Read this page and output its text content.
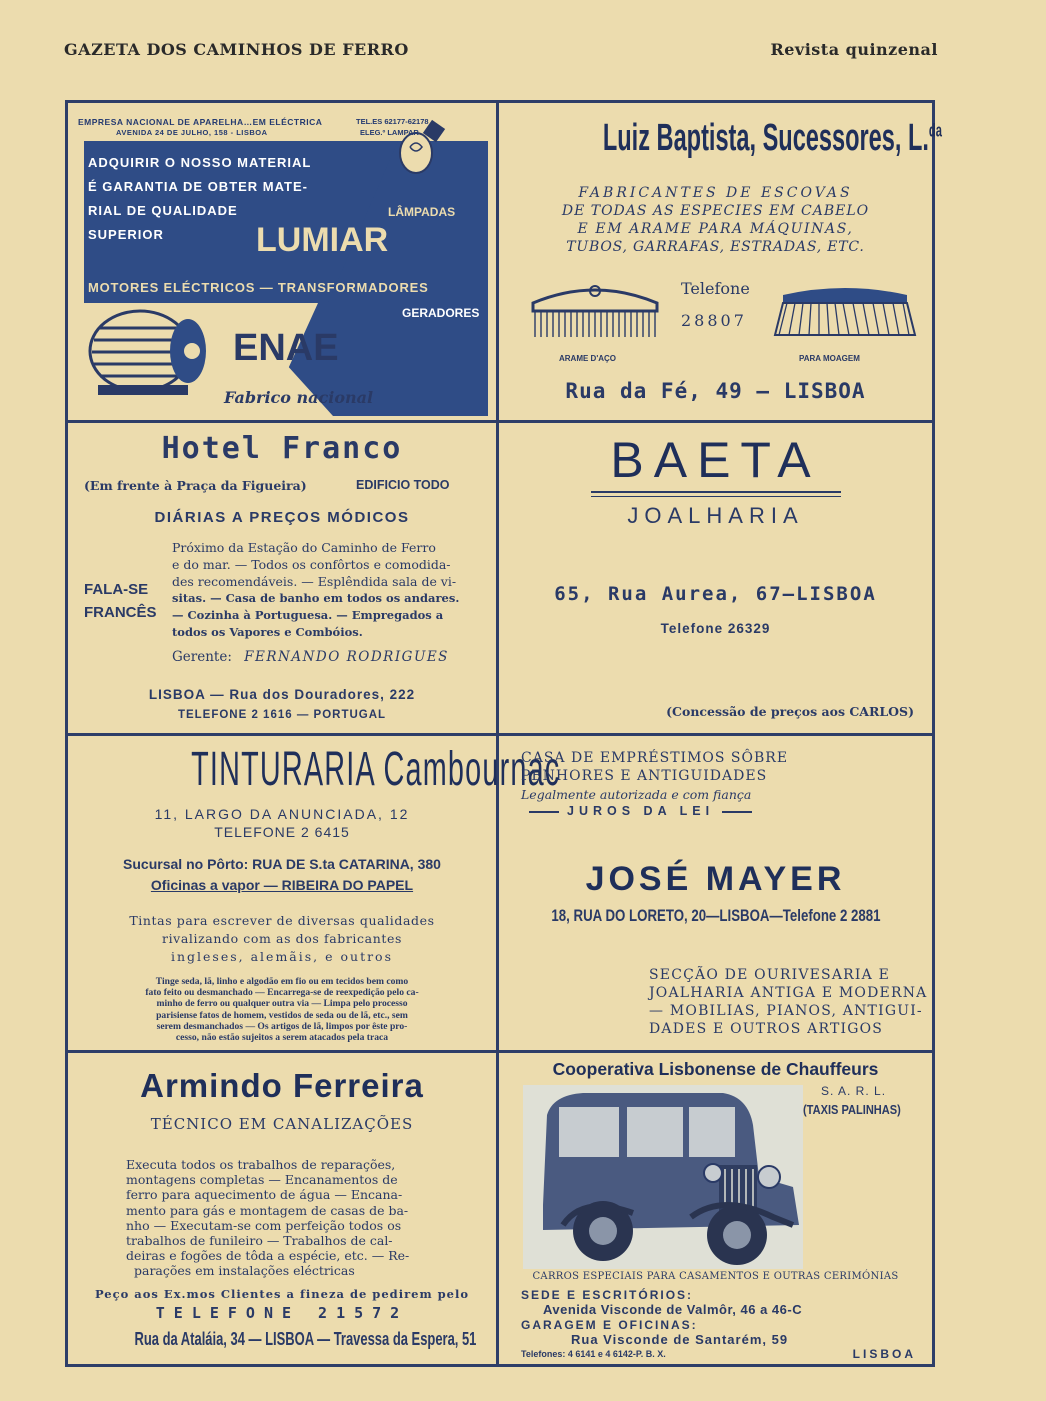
GAZETA DOS CAMINHOS DE FERRO	Revista quinzenal
EMPRESA NACIONAL DE APARELHA…EM ELÉCTRICA
AVENIDA 24 DE JULHO, 158 - LISBOA
TEL.ES 62177-62178
ELEG.º LAMPAR
ADQUIRIR O NOSSO MATERIAL
É GARANTIA DE OBTER MATE-
RIAL DE QUALIDADE
SUPERIOR
LÂMPADAS
LUMIAR
MOTORES ELÉCTRICOS — TRANSFORMADORES
GERADORES
ENAE
Fabrico nacional
Luiz Baptista, Sucessores, L.$^{da}$
FABRICANTES DE ESCOVAS
DE TODAS AS ESPECIES EM CABELO
E EM ARAME PARA MÁQUINAS,
TUBOS, GARRAFAS, ESTRADAS, ETC.
Telefone
28807
ARAME D'AÇO	PARA MOAGEM
Rua da Fé, 49 — LISBOA
Hotel Franco
(Em frente à Praça da Figueira)	EDIFICIO TODO
DIÁRIAS A PREÇOS MÓDICOS
FALA-SE
FRANCÊS
Próximo da Estação do Caminho de Ferro
e do mar. — Todos os confôrtos e comodida-
des recomendáveis. — Esplêndida sala de vi-
sitas. — Casa de banho em todos os andares.
— Cozinha à Portuguesa. — Empregados a
todos os Vapores e Combóios.
Gerente: FERNANDO RODRIGUES
LISBOA — Rua dos Douradores, 222
TELEFONE 2 1616 — PORTUGAL
BAETA
JOALHARIA
65, Rua Aurea, 67—LISBOA
Telefone 26329
(Concessão de preços aos CARLOS)
TINTURARIA Cambournac
11, LARGO DA ANUNCIADA, 12
TELEFONE 2 6415
Sucursal no Pôrto: RUA DE S.ta CATARINA, 380
Oficinas a vapor — RIBEIRA DO PAPEL
Tintas para escrever de diversas qualidades
rivalizando com as dos fabricantes
ingleses, alemãis, e outros
Tinge seda, lã, linho e algodão em fio ou em tecidos bem como
fato feito ou desmanchado — Encarrega-se de reexpedição pelo ca-
minho de ferro ou qualquer outra via — Limpa pelo processo
parisiense fatos de homem, vestidos de seda ou de lã, etc., sem
serem desmanchados — Os artigos de lã, limpos por êste pro-
cesso, não estão sujeitos a serem atacados pela traca
CASA DE EMPRÉSTIMOS SÔBRE
PENHORES E ANTIGUIDADES
Legalmente autorizada e com fiança
JUROS DA LEI
JOSÉ MAYER
18, RUA DO LORETO, 20—LISBOA—Telefone 2 2881
SECÇÃO DE OURIVESARIA E
JOALHARIA ANTIGA E MODERNA
— MOBILIAS, PIANOS, ANTIGUI-
DADES E OUTROS ARTIGOS
Armindo Ferreira
TÉCNICO EM CANALIZAÇÕES
Executa todos os trabalhos de reparações,
montagens completas — Encanamentos de
ferro para aquecimento de água — Encana-
mento para gás e montagem de casas de ba-
nho — Executam-se com perfeição todos os
trabalhos de funileiro — Trabalhos de cal-
deiras e fogões de tôda a espécie, etc. — Re-
parações em instalações eléctricas
Peço aos Ex.mos Clientes a fineza de pedirem pelo
TELEFONE 21572
Rua da Ataláia, 34 — LISBOA — Travessa da Espera, 51
Cooperativa Lisbonense de Chauffeurs
S. A. R. L.
(TAXIS PALINHAS)
CARROS ESPECIAIS PARA CASAMENTOS E OUTRAS CERIMÓNIAS
SEDE E ESCRITÓRIOS:
Avenida Visconde de Valmôr, 46 a 46-C
GARAGEM E OFICINAS:
Rua Visconde de Santarém, 59
Telefones: 4 6141 e 4 6142-P. B. X.	LISBOA
